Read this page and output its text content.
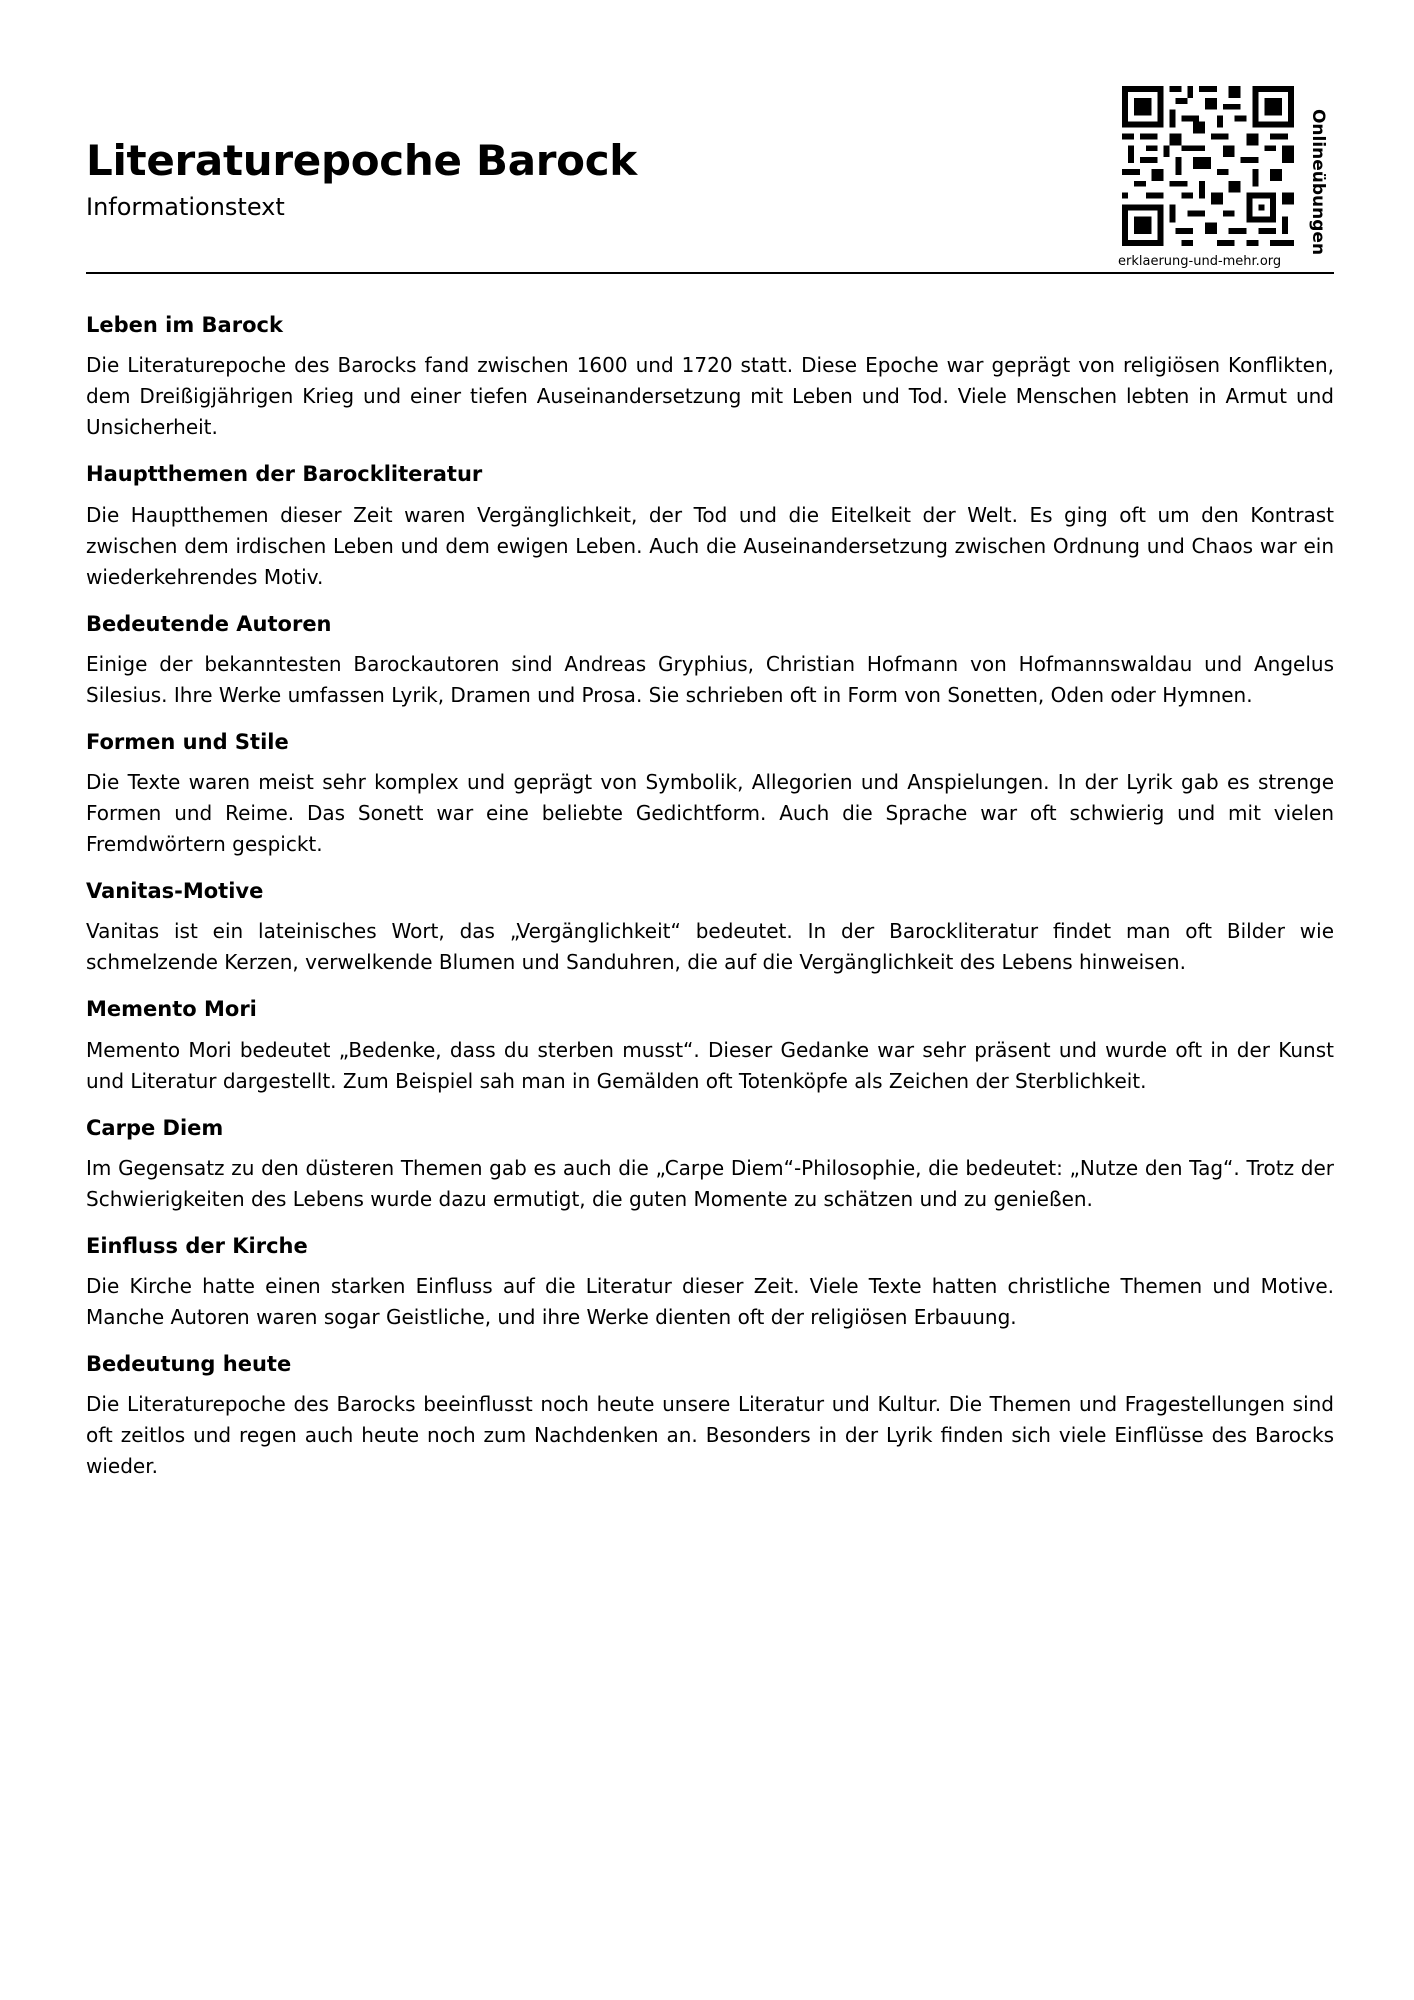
Literaturepoche Barock
Informationstext	Onlineübungen
erklaerung-und-mehr.org
Leben im Barock

Die Literaturepoche des Barocks fand zwischen 1600 und 1720 statt. Diese Epoche war geprägt von religiösen Konflikten, dem Dreißigjährigen Krieg und einer tiefen Auseinandersetzung mit Leben und Tod. Viele Menschen lebten in Armut und Unsicherheit.

Hauptthemen der Barockliteratur

Die Hauptthemen dieser Zeit waren Vergänglichkeit, der Tod und die Eitelkeit der Welt. Es ging oft um den Kontrast zwischen dem irdischen Leben und dem ewigen Leben. Auch die Auseinandersetzung zwischen Ordnung und Chaos war ein wiederkehrendes Motiv.

Bedeutende Autoren

Einige der bekanntesten Barockautoren sind Andreas Gryphius, Christian Hofmann von Hofmannswaldau und Angelus Silesius. Ihre Werke umfassen Lyrik, Dramen und Prosa. Sie schrieben oft in Form von Sonetten, Oden oder Hymnen.

Formen und Stile

Die Texte waren meist sehr komplex und geprägt von Symbolik, Allegorien und Anspielungen. In der Lyrik gab es strenge Formen und Reime. Das Sonett war eine beliebte Gedichtform. Auch die Sprache war oft schwierig und mit vielen Fremdwörtern gespickt.

Vanitas-Motive

Vanitas ist ein lateinisches Wort, das „Vergänglichkeit“ bedeutet. In der Barockliteratur findet man oft Bilder wie schmelzende Kerzen, verwelkende Blumen und Sanduhren, die auf die Vergänglichkeit des Lebens hinweisen.

Memento Mori

Memento Mori bedeutet „Bedenke, dass du sterben musst“. Dieser Gedanke war sehr präsent und wurde oft in der Kunst und Literatur dargestellt. Zum Beispiel sah man in Gemälden oft Totenköpfe als Zeichen der Sterblichkeit.

Carpe Diem

Im Gegensatz zu den düsteren Themen gab es auch die „Carpe Diem“-Philosophie, die bedeutet: „Nutze den Tag“. Trotz der Schwierigkeiten des Lebens wurde dazu ermutigt, die guten Momente zu schätzen und zu genießen.

Einfluss der Kirche

Die Kirche hatte einen starken Einfluss auf die Literatur dieser Zeit. Viele Texte hatten christliche Themen und Motive. Manche Autoren waren sogar Geistliche, und ihre Werke dienten oft der religiösen Erbauung.

Bedeutung heute

Die Literaturepoche des Barocks beeinflusst noch heute unsere Literatur und Kultur. Die Themen und Fragestellungen sind oft zeitlos und regen auch heute noch zum Nachdenken an. Besonders in der Lyrik finden sich viele Einflüsse des Barocks wieder.
